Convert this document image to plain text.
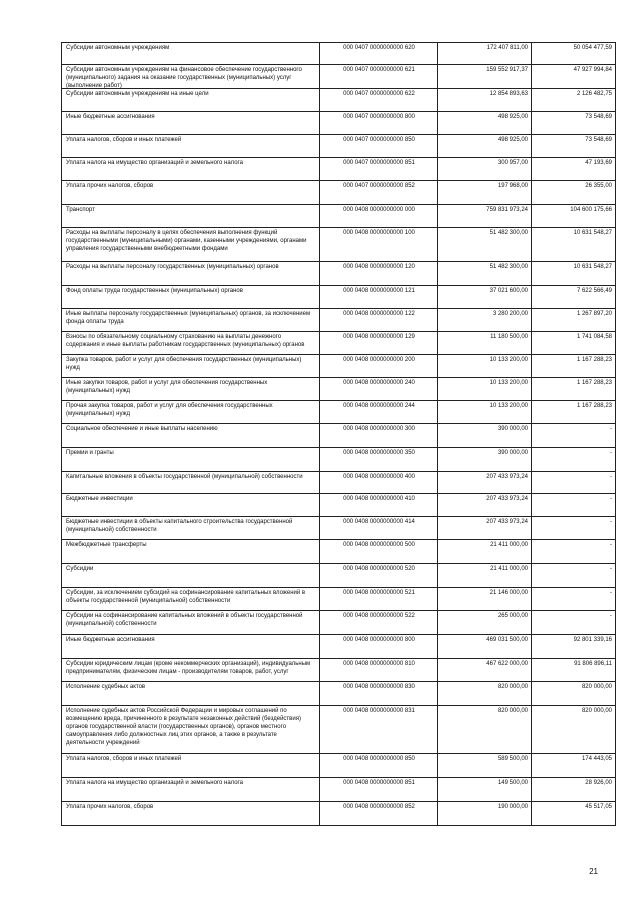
Субсидии автономным учреждениям	000 0407 0000000000 620	172 407 811,00	50 054 477,59

Субсидии автономным учреждениям на финансовое обеспечение государственного (муниципального) задания на оказание государственных (муниципальных) услуг (выполнение работ)	000 0407 0000000000 621	159 552 917,37	47 927 994,84

Субсидии автономным учреждениям на иные цели	000 0407 0000000000 622	12 854 893,63	2 126 482,75

Иные бюджетные ассигнования	000 0407 0000000000 800	498 925,00	73 548,69

Уплата налогов, сборов и иных платежей	000 0407 0000000000 850	498 925,00	73 548,69

Уплата налога на имущество организаций и земельного налога	000 0407 0000000000 851	300 957,00	47 193,69

Уплата прочих налогов, сборов	000 0407 0000000000 852	197 968,00	26 355,00

Транспорт	000 0408 0000000000 000	759 831 973,24	104 600 175,66

Расходы на выплаты персоналу в целях обеспечения выполнения функций государственными (муниципальными) органами, казенными учреждениями, органами управления государственными внебюджетными фондами	000 0408 0000000000 100	51 482 300,00	10 631 548,27

Расходы на выплаты персоналу государственных (муниципальных) органов	000 0408 0000000000 120	51 482 300,00	10 631 548,27

Фонд оплаты труда государственных (муниципальных) органов	000 0408 0000000000 121	37 021 600,00	7 622 566,49

Иные выплаты персоналу государственных (муниципальных) органов, за исключением фонда оплаты труда	000 0408 0000000000 122	3 280 200,00	1 267 897,20

Взносы по обязательному социальному страхованию на выплаты денежного содержания и иные выплаты работникам государственных (муниципальных) органов	000 0408 0000000000 129	11 180 500,00	1 741 084,58

Закупка товаров, работ и услуг для обеспечения государственных (муниципальных) нужд	000 0408 0000000000 200	10 133 200,00	1 167 288,23

Иные закупки товаров, работ и услуг для обеспечения государственных (муниципальных) нужд	000 0408 0000000000 240	10 133 200,00	1 167 288,23

Прочая закупка товаров, работ и услуг для обеспечения государственных (муниципальных) нужд	000 0408 0000000000 244	10 133 200,00	1 167 288,23

Социальное обеспечение и иные выплаты населению	000 0408 0000000000 300	390 000,00	-

Премии и гранты	000 0408 0000000000 350	390 000,00	-

Капитальные вложения в объекты государственной (муниципальной) собственности	000 0408 0000000000 400	207 433 973,24	-

Бюджетные инвестиции	000 0408 0000000000 410	207 433 973,24	-

Бюджетные инвестиции в объекты капитального строительства государственной (муниципальной) собственности	000 0408 0000000000 414	207 433 973,24	-

Межбюджетные трансферты	000 0408 0000000000 500	21 411 000,00	-

Субсидии	000 0408 0000000000 520	21 411 000,00	-

Субсидии, за исключением субсидий на софинансирование капитальных вложений в объекты государственной (муниципальной) собственности	000 0408 0000000000 521	21 146 000,00	-

Субсидии на софинансирование капитальных вложений в объекты государственной (муниципальной) собственности	000 0408 0000000000 522	265 000,00	-

Иные бюджетные ассигнования	000 0408 0000000000 800	469 031 500,00	92 801 339,16

Субсидии юридическим лицам (кроме некоммерческих организаций), индивидуальным предпринимателям, физическим лицам - производителям товаров, работ, услуг	000 0408 0000000000 810	467 622 000,00	91 806 896,11

Исполнение судебных актов	000 0408 0000000000 830	820 000,00	820 000,00

Исполнение судебных актов Российской Федерации и мировых соглашений по возмещению вреда, причиненного в результате незаконных действий (бездействия) органов государственной власти (государственных органов), органов местного самоуправления либо должностных лиц этих органов, а также в результате деятельности учреждений	000 0408 0000000000 831	820 000,00	820 000,00

Уплата налогов, сборов и иных платежей	000 0408 0000000000 850	589 500,00	174 443,05

Уплата налога на имущество организаций и земельного налога	000 0408 0000000000 851	149 500,00	28 926,00

Уплата прочих налогов, сборов	000 0408 0000000000 852	190 000,00	45 517,05
21
